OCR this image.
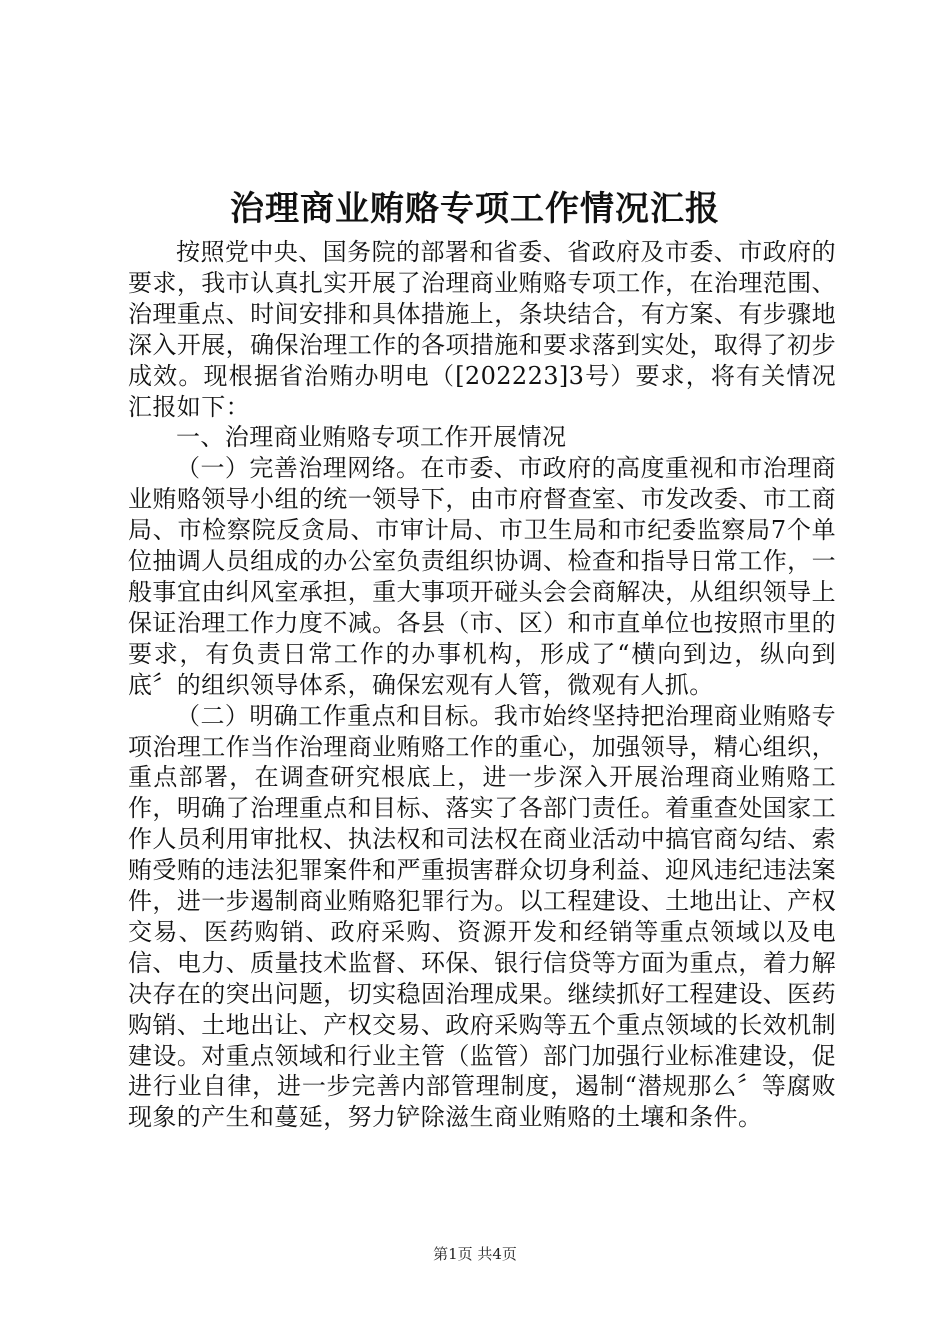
治理商业贿赂专项工作情况汇报

按照党中央、国务院的部署和省委、省政府及市委、市政府的要求，我市认真扎实开展了治理商业贿赂专项工作，在治理范围、治理重点、时间安排和具体措施上，条块结合，有方案、有步骤地深入开展，确保治理工作的各项措施和要求落到实处，取得了初步成效。现根据省治贿办明电（[202223]3号）要求，将有关情况汇报如下：

一、治理商业贿赂专项工作开展情况

（一）完善治理网络。在市委、市政府的高度重视和市治理商业贿赂领导小组的统一领导下，由市府督查室、市发改委、市工商局、市检察院反贪局、市审计局、市卫生局和市纪委监察局7个单位抽调人员组成的办公室负责组织协调、检查和指导日常工作，一般事宜由纠风室承担，重大事项开碰头会会商解决，从组织领导上保证治理工作力度不减。各县（市、区）和市直单位也按照市里的要求，有负责日常工作的办事机构，形成了“横向到边，纵向到底〞的组织领导体系，确保宏观有人管，微观有人抓。

（二）明确工作重点和目标。我市始终坚持把治理商业贿赂专项治理工作当作治理商业贿赂工作的重心，加强领导，精心组织，重点部署，在调查研究根底上，进一步深入开展治理商业贿赂工作，明确了治理重点和目标、落实了各部门责任。着重查处国家工作人员利用审批权、执法权和司法权在商业活动中搞官商勾结、索贿受贿的违法犯罪案件和严重损害群众切身利益、迎风违纪违法案件，进一步遏制商业贿赂犯罪行为。以工程建设、土地出让、产权交易、医药购销、政府采购、资源开发和经销等重点领域以及电信、电力、质量技术监督、环保、银行信贷等方面为重点，着力解决存在的突出问题，切实稳固治理成果。继续抓好工程建设、医药购销、土地出让、产权交易、政府采购等五个重点领域的长效机制建设。对重点领域和行业主管（监管）部门加强行业标准建设，促进行业自律，进一步完善内部管理制度，遏制“潜规那么〞等腐败现象的产生和蔓延，努力铲除滋生商业贿赂的土壤和条件。

第1页 共4页
